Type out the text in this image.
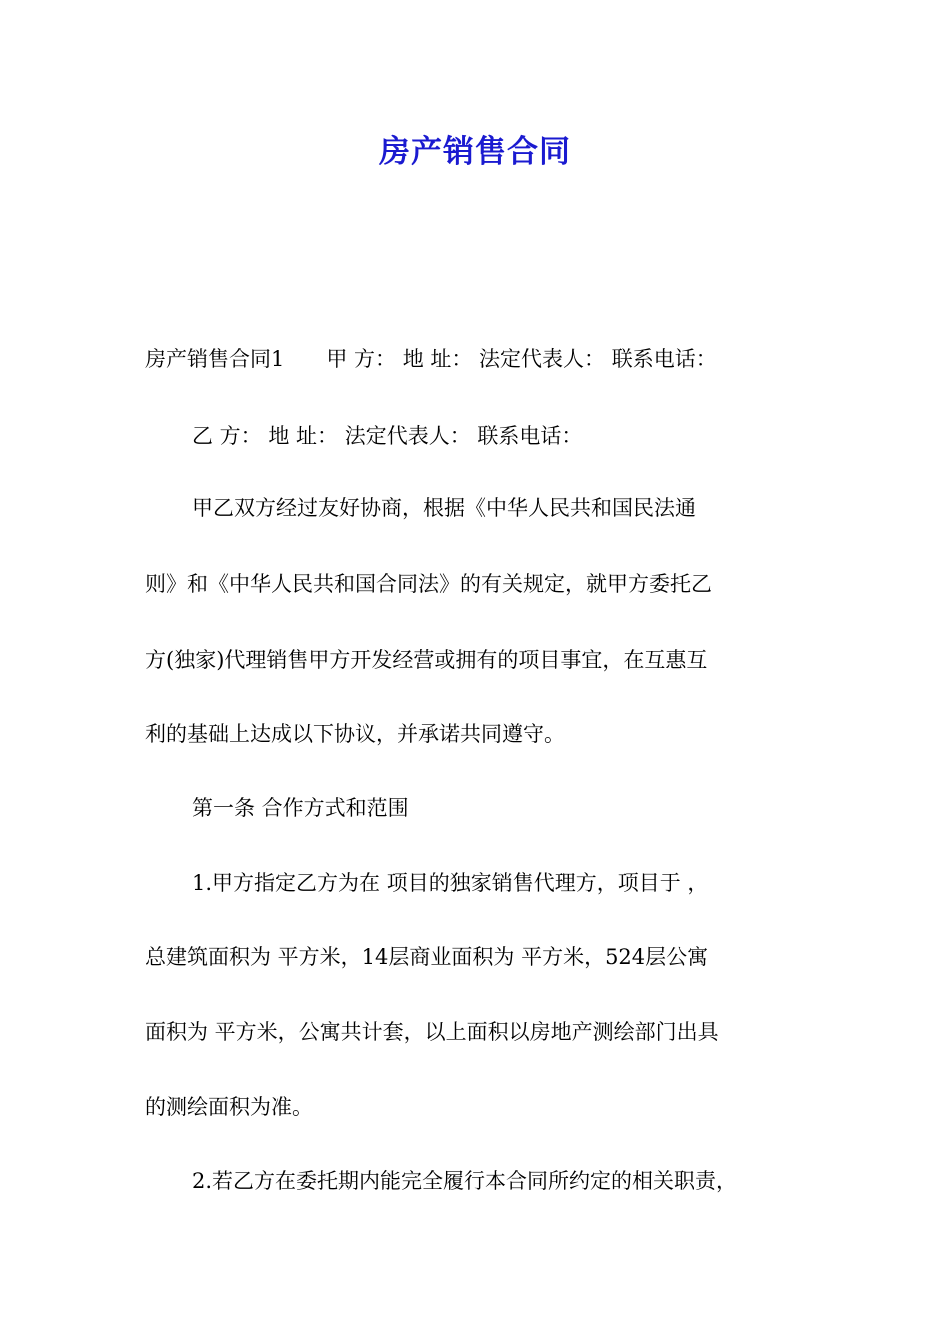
房产销售合同
房产销售合同1　　甲 方： 地 址： 法定代表人： 联系电话：
乙 方： 地 址： 法定代表人： 联系电话：
甲乙双方经过友好协商，根据《中华人民共和国民法通
则》和《中华人民共和国合同法》的有关规定，就甲方委托乙
方(独家)代理销售甲方开发经营或拥有的项目事宜，在互惠互
利的基础上达成以下协议，并承诺共同遵守。
第一条 合作方式和范围
1.甲方指定乙方为在 项目的独家销售代理方，项目于 ，
总建筑面积为 平方米，14层商业面积为 平方米，524层公寓
面积为 平方米，公寓共计套，以上面积以房地产测绘部门出具
的测绘面积为准。
2.若乙方在委托期内能完全履行本合同所约定的相关职责，
